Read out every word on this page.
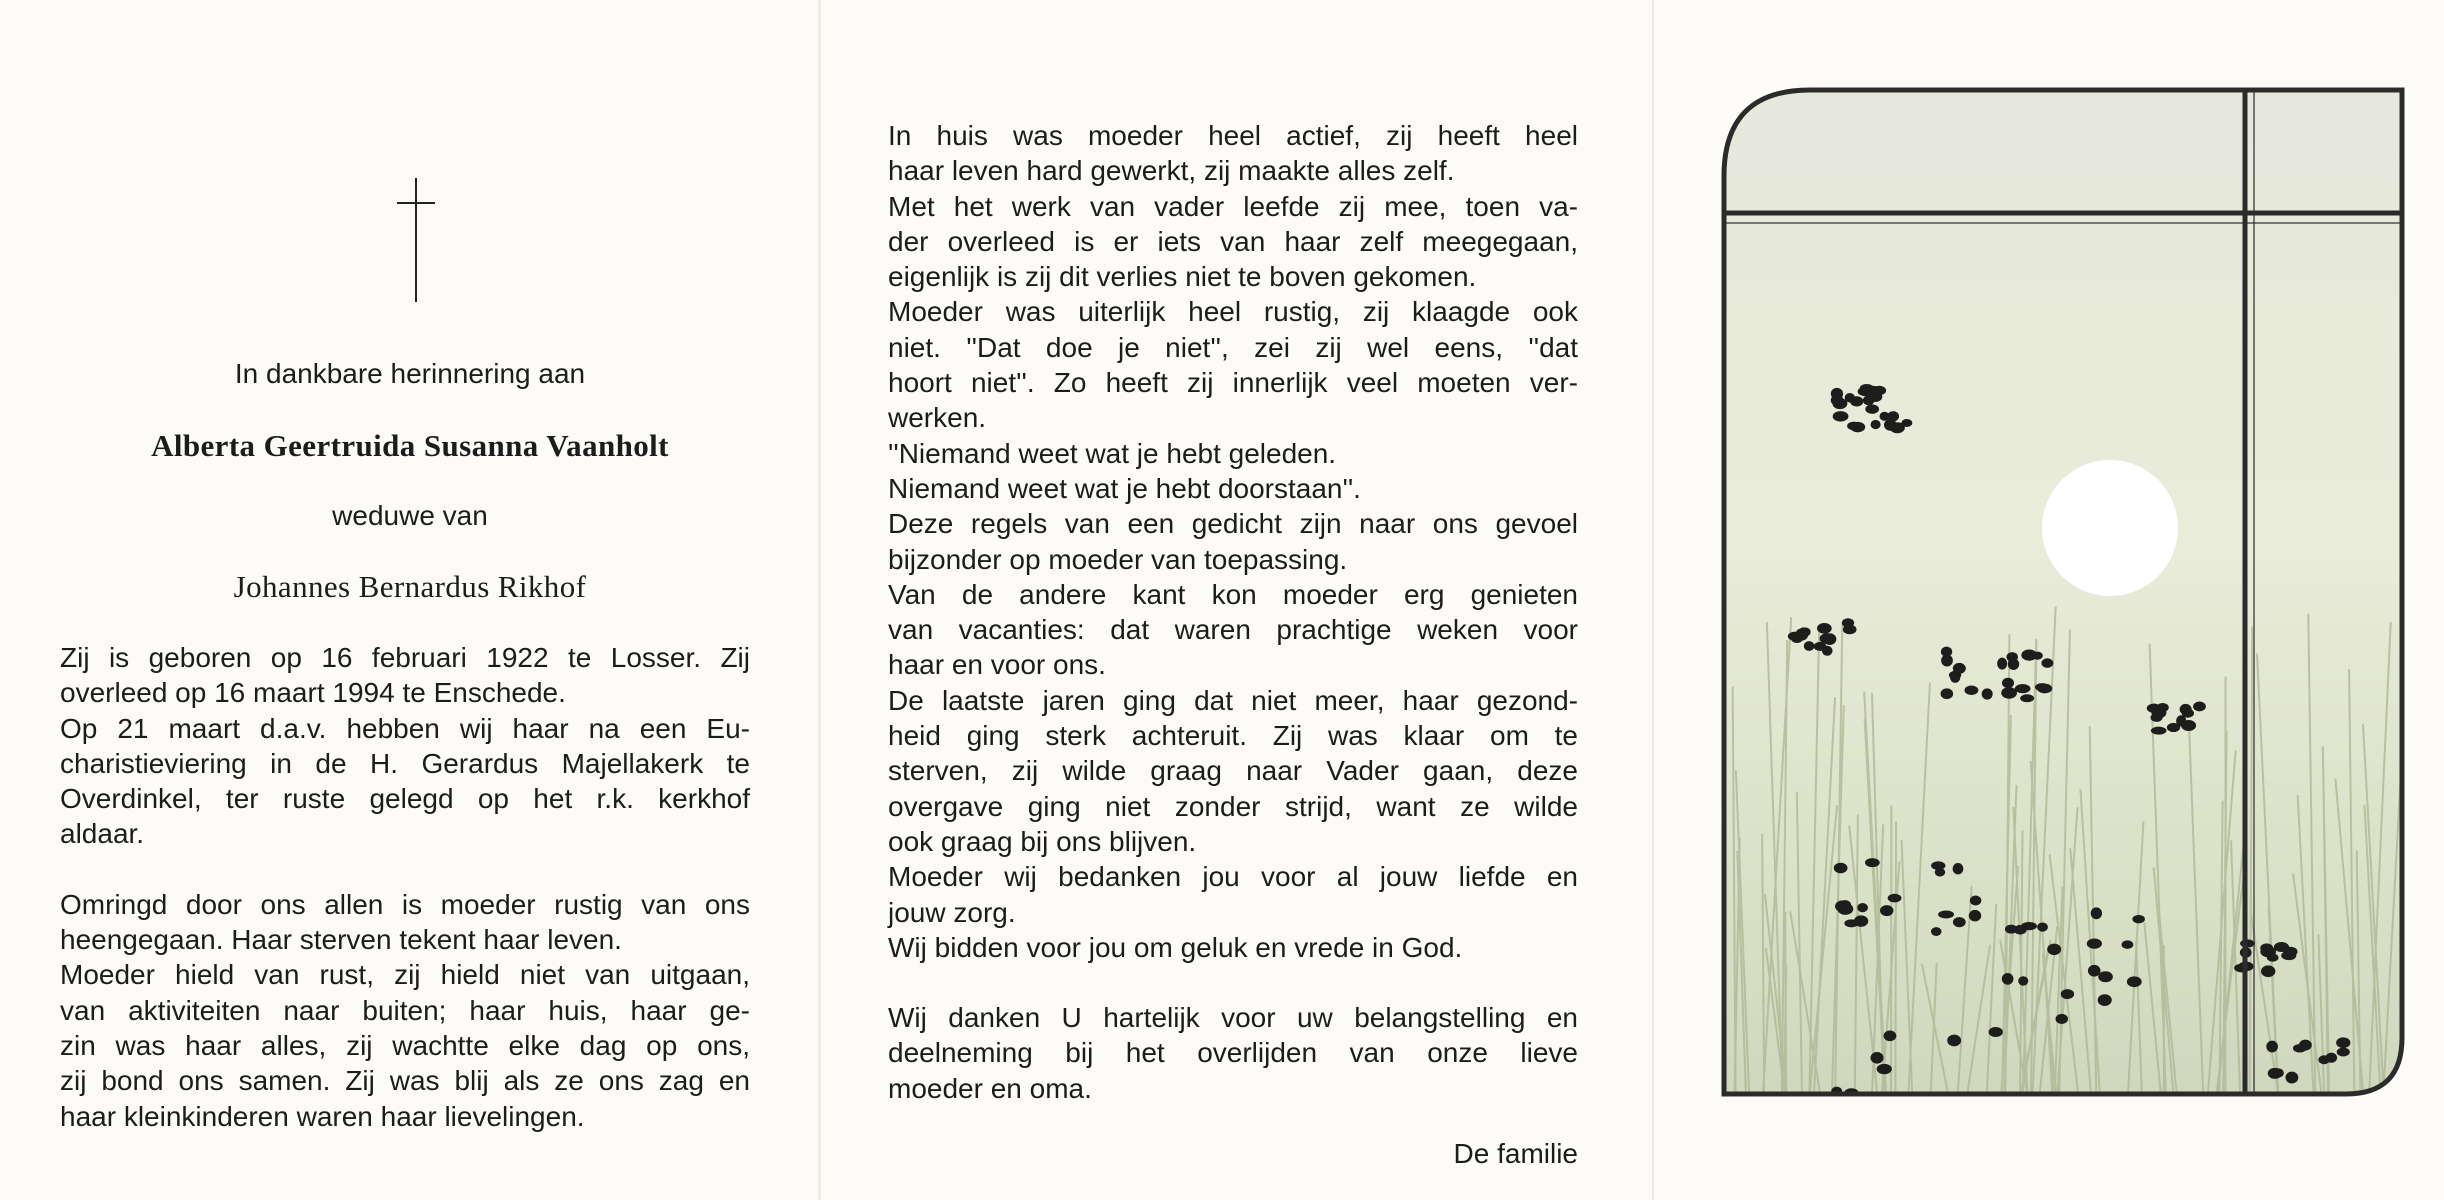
In dankbare herinnering aan
Alberta Geertruida Susanna Vaanholt
weduwe van
Johannes Bernardus Rikhof
Zij is geboren op 16 februari 1922 te Losser. Zij
overleed op 16 maart 1994 te Enschede.
Op 21 maart d.a.v. hebben wij haar na een Eu-
charistieviering in de H. Gerardus Majellakerk te
Overdinkel, ter ruste gelegd op het r.k. kerkhof
aldaar.
Omringd door ons allen is moeder rustig van ons
heengegaan. Haar sterven tekent haar leven.
Moeder hield van rust, zij hield niet van uitgaan,
van aktiviteiten naar buiten; haar huis, haar ge-
zin was haar alles, zij wachtte elke dag op ons,
zij bond ons samen. Zij was blij als ze ons zag en
haar kleinkinderen waren haar lievelingen.
In huis was moeder heel actief, zij heeft heel
haar leven hard gewerkt, zij maakte alles zelf.
Met het werk van vader leefde zij mee, toen va-
der overleed is er iets van haar zelf meegegaan,
eigenlijk is zij dit verlies niet te boven gekomen.
Moeder was uiterlijk heel rustig, zij klaagde ook
niet. ''Dat doe je niet'', zei zij wel eens, ''dat
hoort niet''. Zo heeft zij innerlijk veel moeten ver-
werken.
''Niemand weet wat je hebt geleden.
Niemand weet wat je hebt doorstaan''.
Deze regels van een gedicht zijn naar ons gevoel
bijzonder op moeder van toepassing.
Van de andere kant kon moeder erg genieten
van vacanties: dat waren prachtige weken voor
haar en voor ons.
De laatste jaren ging dat niet meer, haar gezond-
heid ging sterk achteruit. Zij was klaar om te
sterven, zij wilde graag naar Vader gaan, deze
overgave ging niet zonder strijd, want ze wilde
ook graag bij ons blijven.
Moeder wij bedanken jou voor al jouw liefde en
jouw zorg.
Wij bidden voor jou om geluk en vrede in God.
Wij danken U hartelijk voor uw belangstelling en
deelneming bij het overlijden van onze lieve
moeder en oma.
De familie
